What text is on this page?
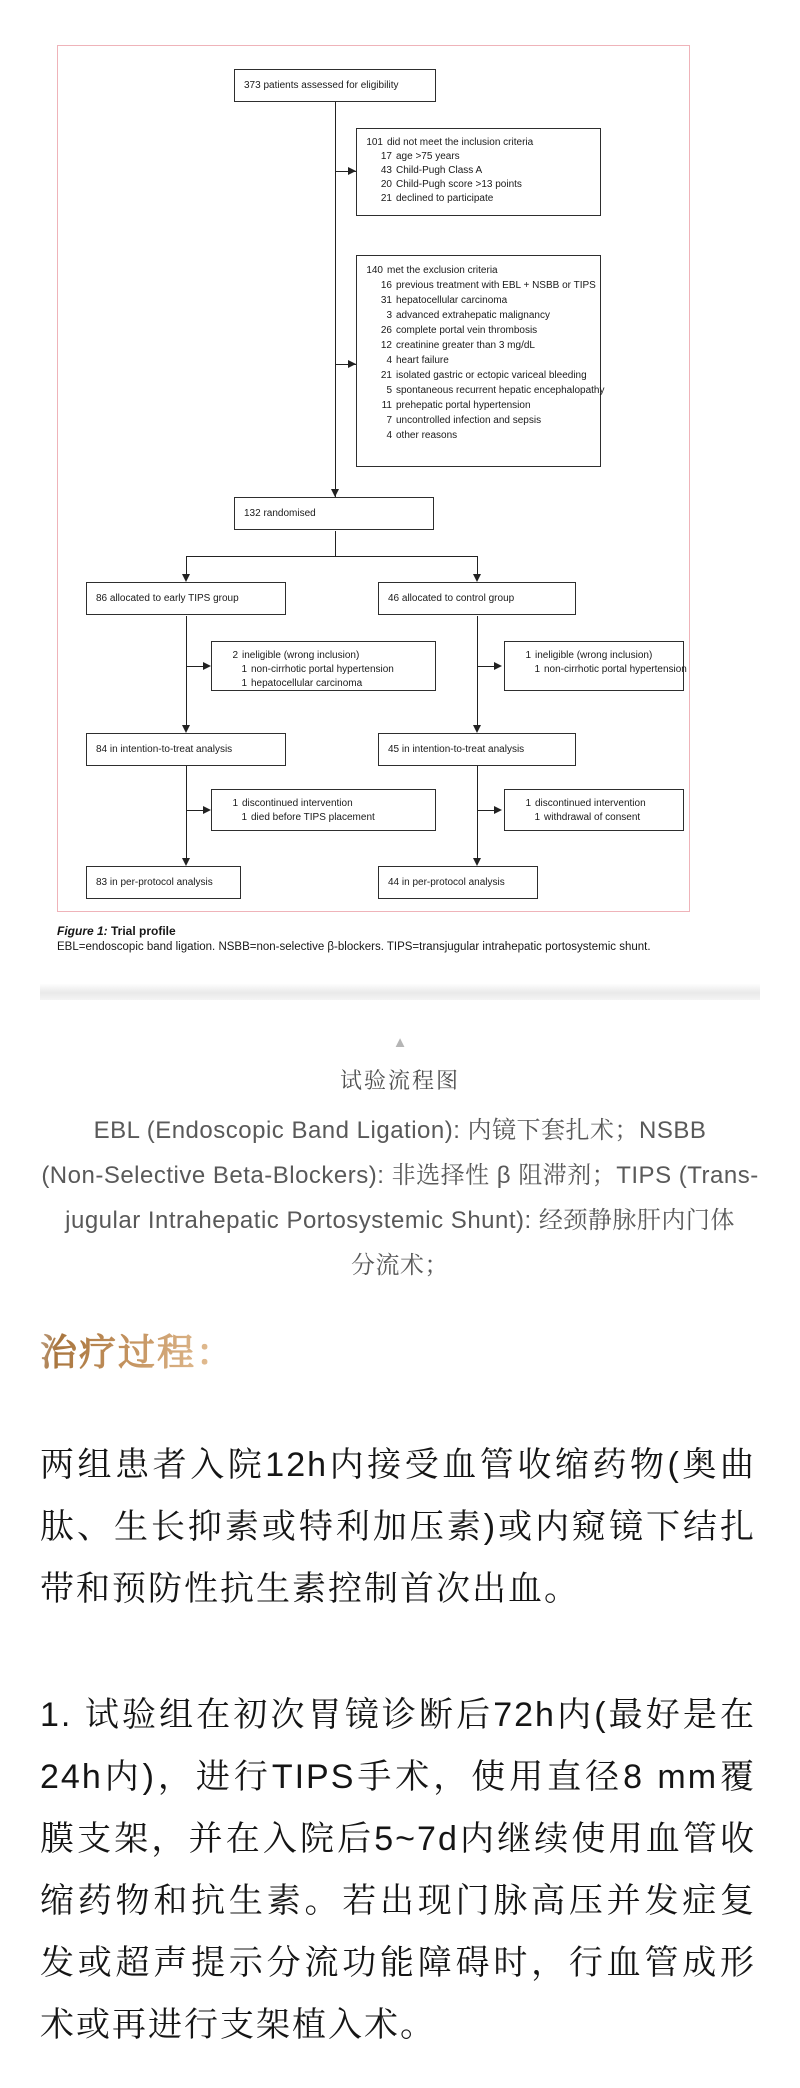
373 patients assessed for eligibility
101 did not meet the inclusion criteria
17 age >75 years
43 Child-Pugh Class A
20 Child-Pugh score >13 points
21 declined to participate
140 met the exclusion criteria
16 previous treatment with EBL + NSBB or TIPS
31 hepatocellular carcinoma
3 advanced extrahepatic malignancy
26 complete portal vein thrombosis
12 creatinine greater than 3 mg/dL
4 heart failure
21 isolated gastric or ectopic variceal bleeding
5 spontaneous recurrent hepatic encephalopathy
11 prehepatic portal hypertension
7 uncontrolled infection and sepsis
4 other reasons
132 randomised
86 allocated to early TIPS group	46 allocated to control group
2 ineligible (wrong inclusion)
1 non-cirrhotic portal hypertension
1 hepatocellular carcinoma
1 ineligible (wrong inclusion)
1 non-cirrhotic portal hypertension
84 in intention-to-treat analysis	45 in intention-to-treat analysis
1 discontinued intervention
1 died before TIPS placement
1 discontinued intervention
1 withdrawal of consent
83 in per-protocol analysis	44 in per-protocol analysis
Figure 1: Trial profile
EBL=endoscopic band ligation. NSBB=non-selective β-blockers. TIPS=transjugular intrahepatic portosystemic shunt.
▲
试验流程图
EBL (Endoscopic Band Ligation): 内镜下套扎术；NSBB
(Non-Selective Beta-Blockers): 非选择性 β 阻滞剂；TIPS (Trans-
jugular Intrahepatic Portosystemic Shunt): 经颈静脉肝内门体
分流术；
治疗过程：
两组患者入院12h内接受血管收缩药物(奥曲肽、生长抑素或特利加压素)或内窥镜下结扎带和预防性抗生素控制首次出血。
1. 试验组在初次胃镜诊断后72h内(最好是在24h内)，进行TIPS手术，使用直径8 mm覆膜支架，并在入院后5~7d内继续使用血管收缩药物和抗生素。若出现门脉高压并发症复发或超声提示分流功能障碍时，行血管成形术或再进行支架植入术。
